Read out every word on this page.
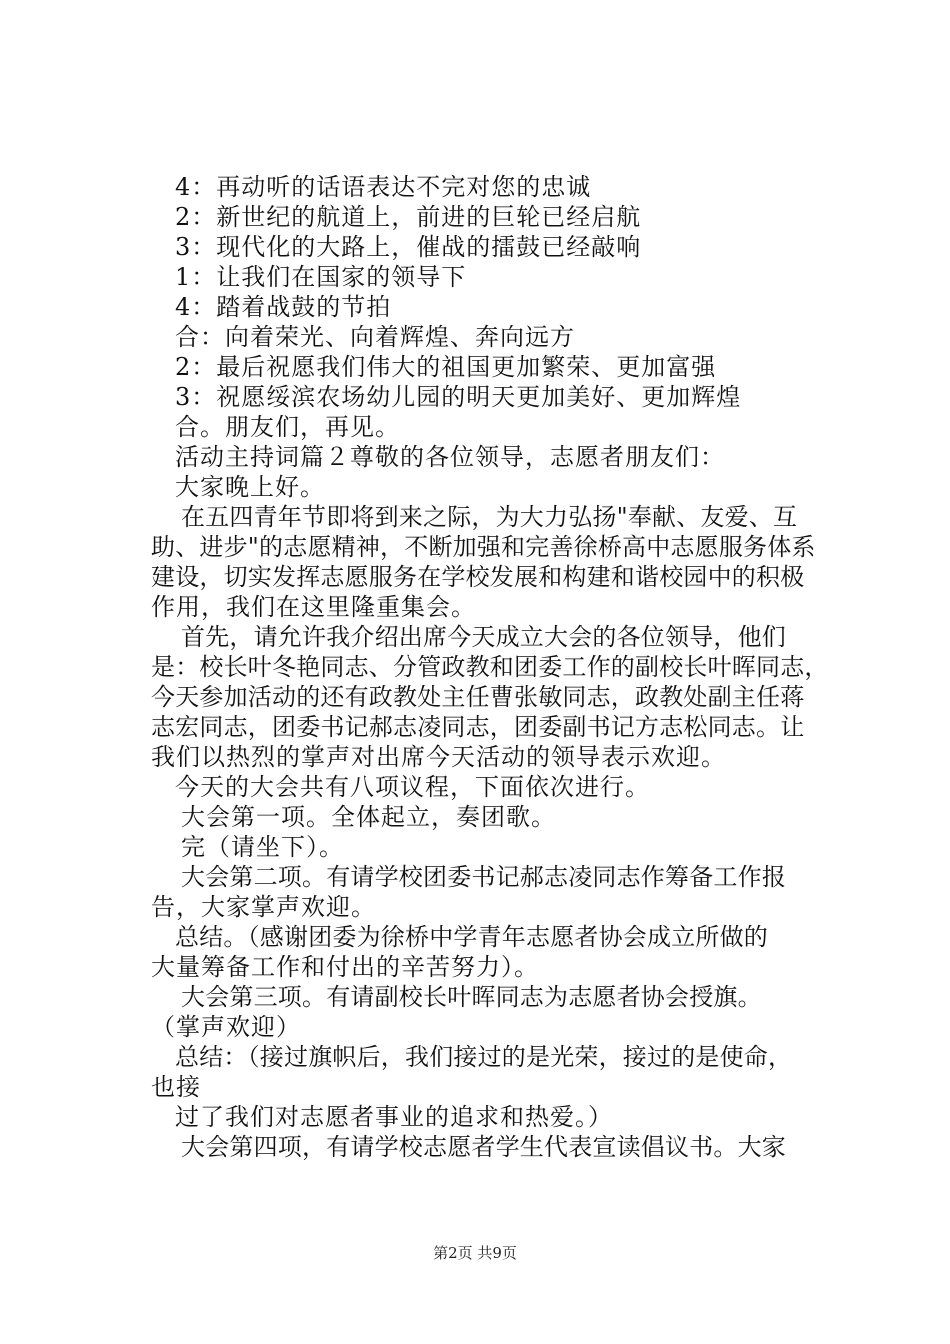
4：再动听的话语表达不完对您的忠诚
2：新世纪的航道上，前进的巨轮已经启航
3：现代化的大路上，催战的擂鼓已经敲响
1：让我们在国家的领导下
4：踏着战鼓的节拍
合：向着荣光、向着辉煌、奔向远方
2：最后祝愿我们伟大的祖国更加繁荣、更加富强
3：祝愿绥滨农场幼儿园的明天更加美好、更加辉煌
合。朋友们，再见。
活动主持词篇２尊敬的各位领导，志愿者朋友们：
大家晚上好。
在五四青年节即将到来之际，为大力弘扬"奉献、友爱、互
助、进步"的志愿精神，不断加强和完善徐桥高中志愿服务体系
建设，切实发挥志愿服务在学校发展和构建和谐校园中的积极
作用，我们在这里隆重集会。
首先，请允许我介绍出席今天成立大会的各位领导，他们
是：校长叶冬艳同志、分管政教和团委工作的副校长叶晖同志，
今天参加活动的还有政教处主任曹张敏同志，政教处副主任蒋
志宏同志，团委书记郝志凌同志，团委副书记方志松同志。让
我们以热烈的掌声对出席今天活动的领导表示欢迎。
今天的大会共有八项议程，下面依次进行。
大会第一项。全体起立，奏团歌。
完（请坐下）。
大会第二项。有请学校团委书记郝志凌同志作筹备工作报
告，大家掌声欢迎。
总结。（感谢团委为徐桥中学青年志愿者协会成立所做的
大量筹备工作和付出的辛苦努力）。
大会第三项。有请副校长叶晖同志为志愿者协会授旗。
（掌声欢迎）
总结：（接过旗帜后，我们接过的是光荣，接过的是使命，
也接
过了我们对志愿者事业的追求和热爱。）
大会第四项，有请学校志愿者学生代表宣读倡议书。大家
第2页 共9页
